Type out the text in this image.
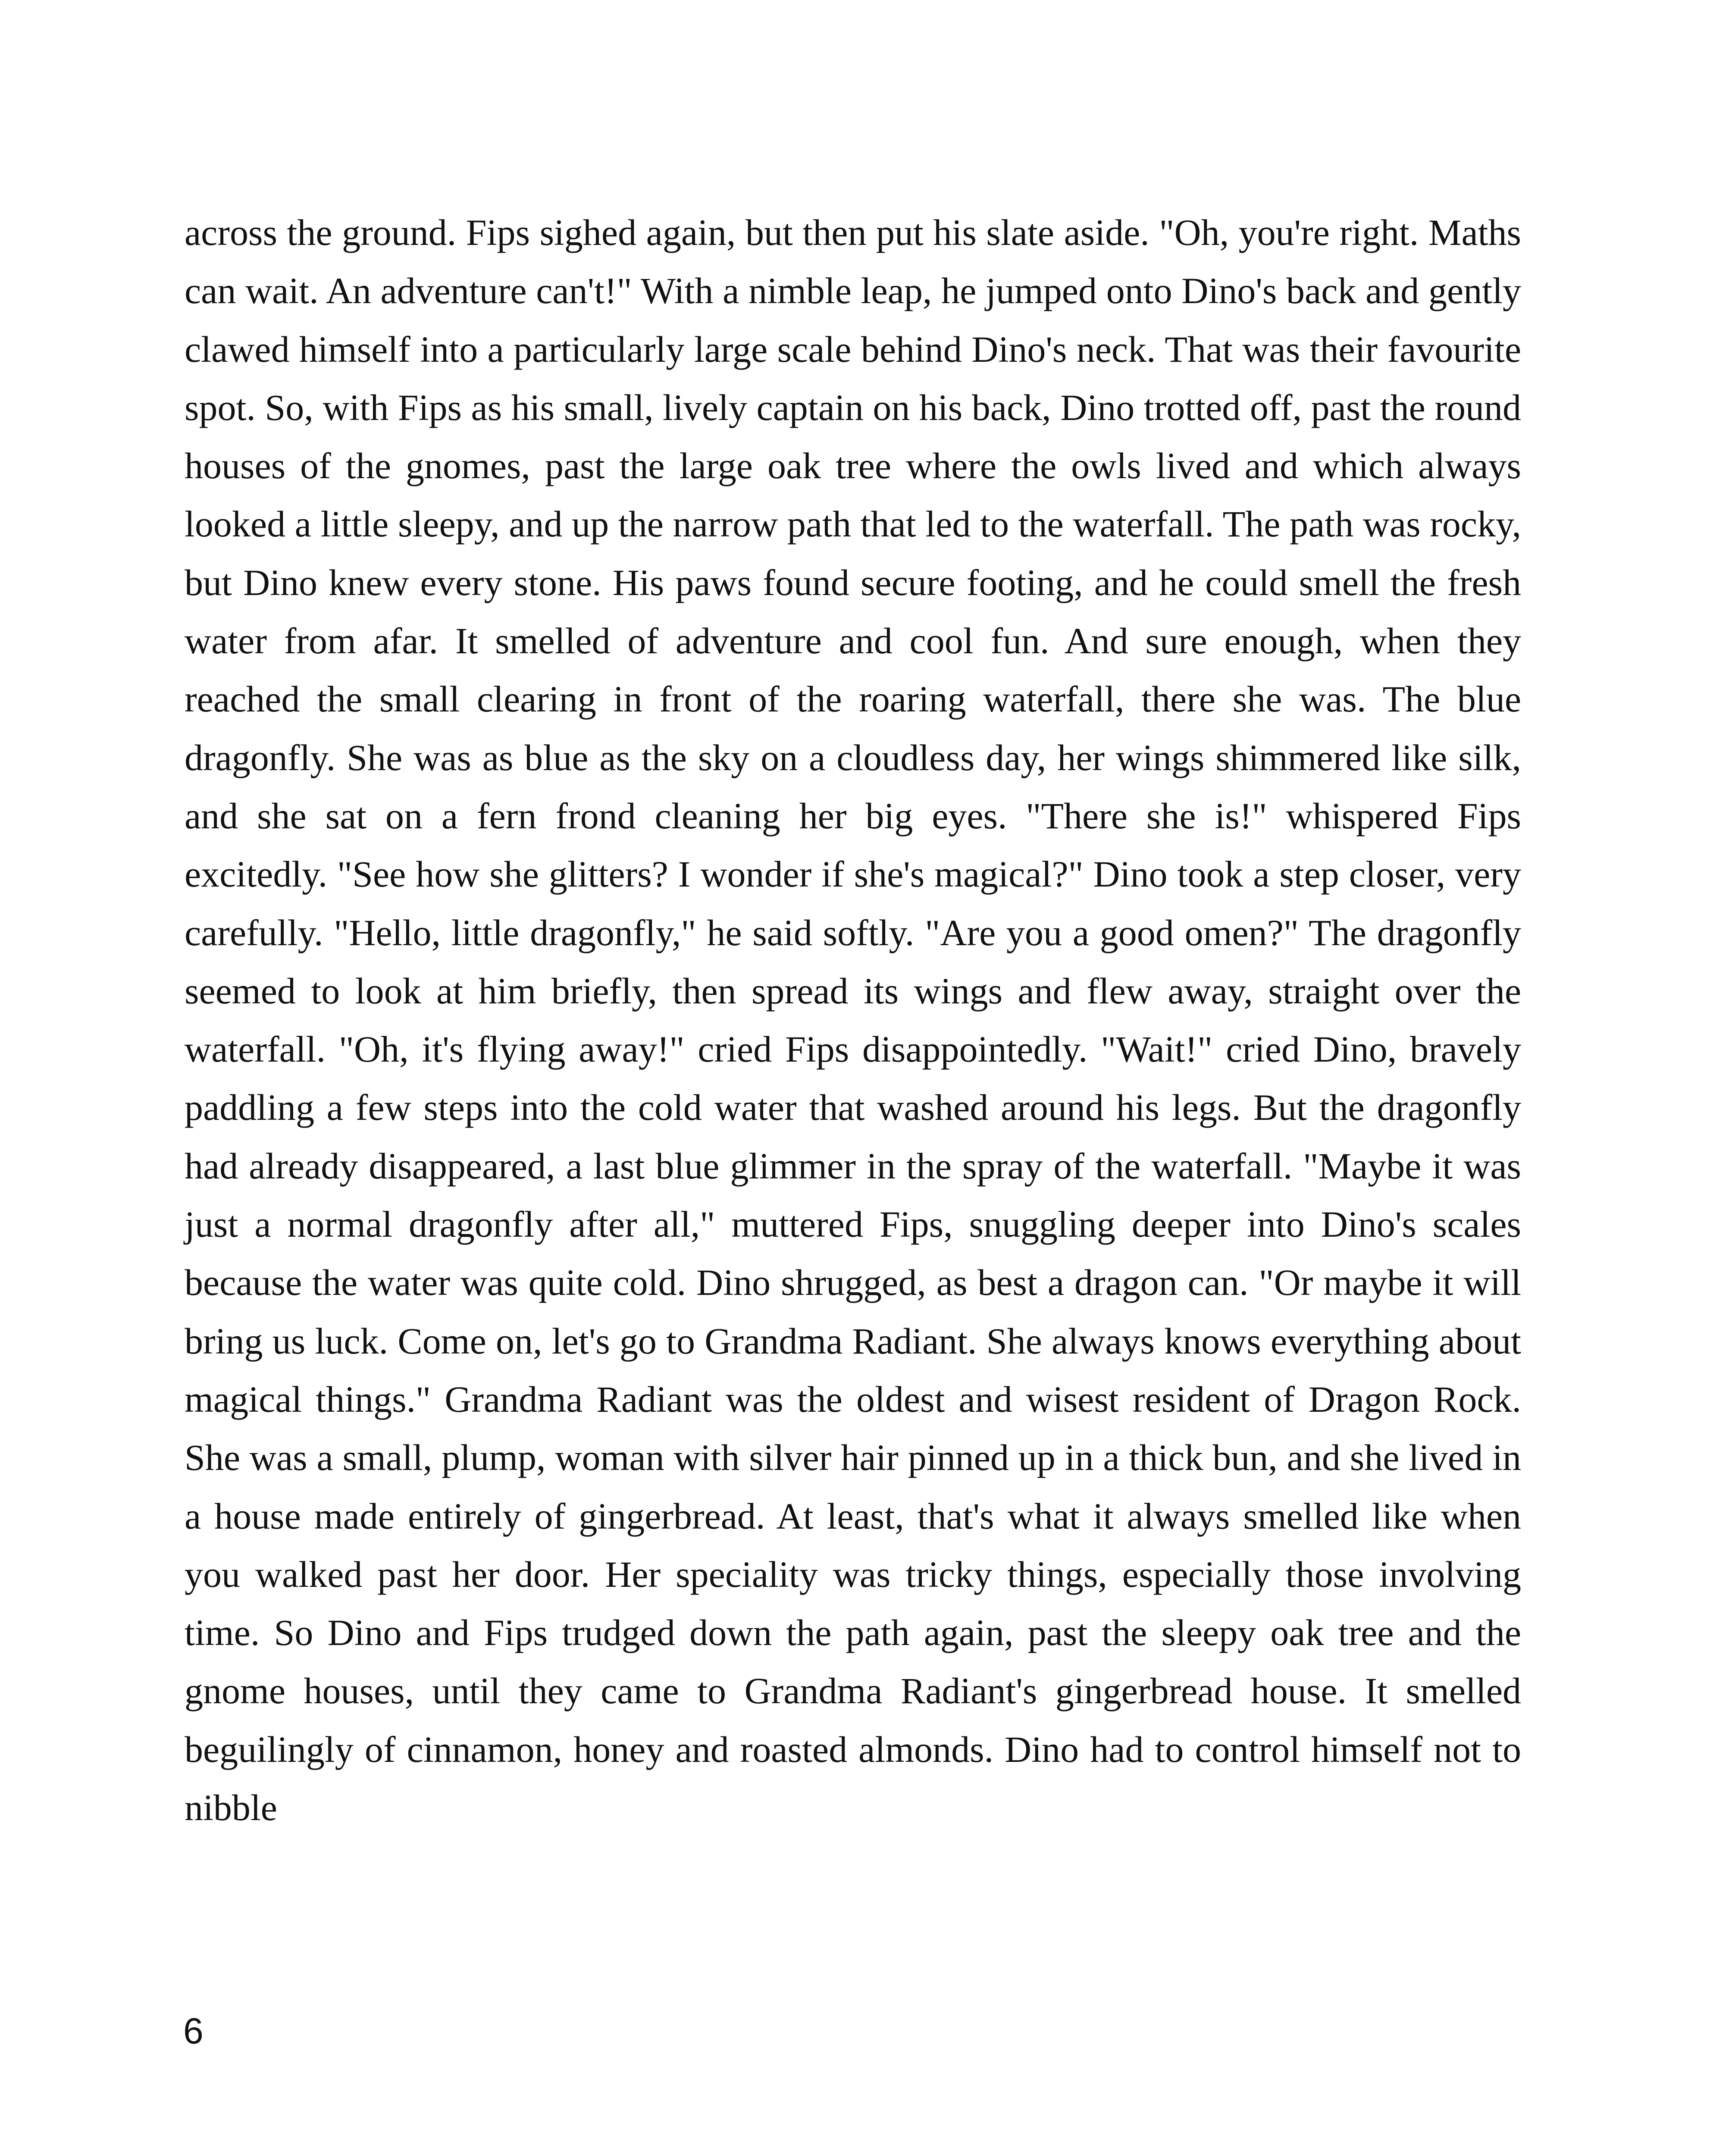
across the ground. Fips sighed again, but then put his slate aside. "Oh, you're right. Maths can wait. An adventure can't!" With a nimble leap, he jumped onto Dino's back and gently clawed himself into a particularly large scale behind Dino's neck. That was their favourite spot. So, with Fips as his small, lively captain on his back, Dino trotted off, past the round houses of the gnomes, past the large oak tree where the owls lived and which always looked a little sleepy, and up the narrow path that led to the waterfall. The path was rocky, but Dino knew every stone. His paws found secure footing, and he could smell the fresh water from afar. It smelled of adventure and cool fun. And sure enough, when they reached the small clearing in front of the roaring waterfall, there she was. The blue dragonfly. She was as blue as the sky on a cloudless day, her wings shimmered like silk, and she sat on a fern frond cleaning her big eyes. "There she is!" whispered Fips excitedly. "See how she glitters? I wonder if she's magical?" Dino took a step closer, very carefully. "Hello, little dragonfly," he said softly. "Are you a good omen?" The dragonfly seemed to look at him briefly, then spread its wings and flew away, straight over the waterfall. "Oh, it's flying away!" cried Fips disappointedly. "Wait!" cried Dino, bravely paddling a few steps into the cold water that washed around his legs. But the dragonfly had already disappeared, a last blue glimmer in the spray of the waterfall. "Maybe it was just a normal dragonfly after all," muttered Fips, snuggling deeper into Dino's scales because the water was quite cold. Dino shrugged, as best a dragon can. "Or maybe it will bring us luck. Come on, let's go to Grandma Radiant. She always knows everything about magical things." Grandma Radiant was the oldest and wisest resident of Dragon Rock. She was a small, plump, woman with silver hair pinned up in a thick bun, and she lived in a house made entirely of gingerbread. At least, that's what it always smelled like when you walked past her door. Her speciality was tricky things, especially those involving time. So Dino and Fips trudged down the path again, past the sleepy oak tree and the gnome houses, until they came to Grandma Radiant's gingerbread house. It smelled beguilingly of cinnamon, honey and roasted almonds. Dino had to control himself not to nibble

6
